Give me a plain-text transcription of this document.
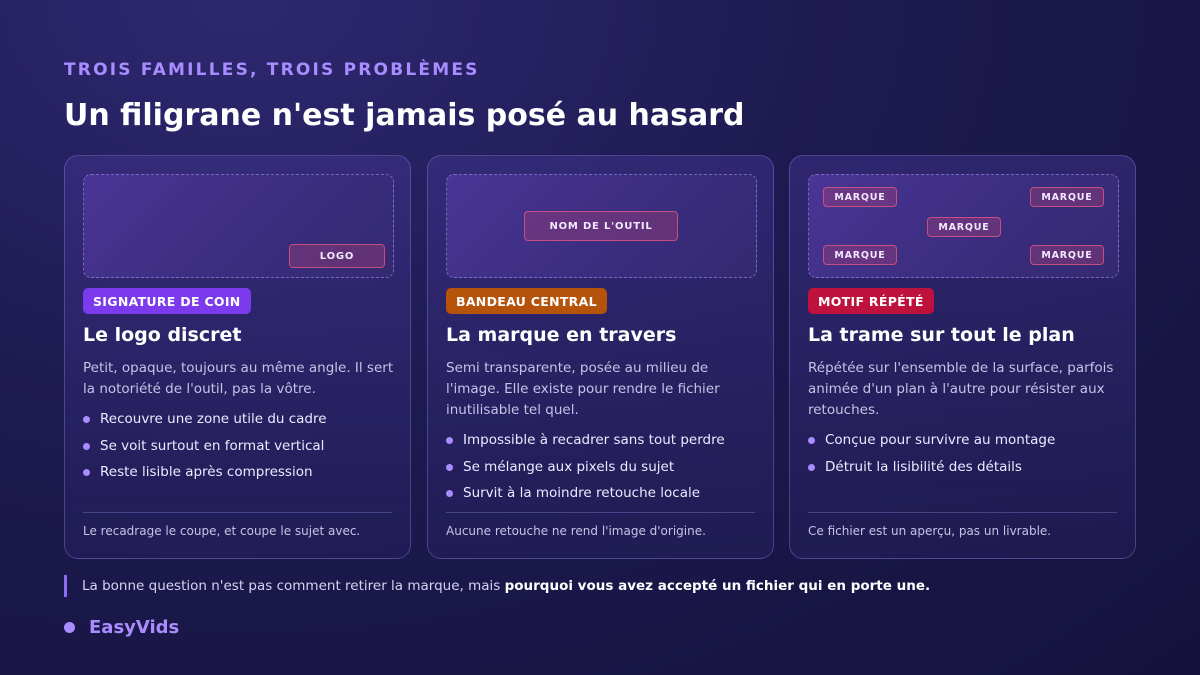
TROIS FAMILLES, TROIS PROBLÈMES
Un filigrane n'est jamais posé au hasard
LOGO
SIGNATURE DE COIN
Le logo discret

Petit, opaque, toujours au même angle. Il sert la notoriété de l'outil, pas la vôtre.

Recouvre une zone utile du cadre
Se voit surtout en format vertical
Reste lisible après compression
Le recadrage le coupe, et coupe le sujet avec.
NOM DE L'OUTIL
BANDEAU CENTRAL
La marque en travers

Semi transparente, posée au milieu de l'image. Elle existe pour rendre le fichier inutilisable tel quel.

Impossible à recadrer sans tout perdre
Se mélange aux pixels du sujet
Survit à la moindre retouche locale
Aucune retouche ne rend l'image d'origine.
MARQUE	MARQUE
MARQUE
MARQUE	MARQUE
MOTIF RÉPÉTÉ
La trame sur tout le plan

Répétée sur l'ensemble de la surface, parfois animée d'un plan à l'autre pour résister aux retouches.

Conçue pour survivre au montage
Détruit la lisibilité des détails
Ce fichier est un aperçu, pas un livrable.
La bonne question n'est pas comment retirer la marque, mais pourquoi vous avez accepté un fichier qui en porte une.
EasyVids
